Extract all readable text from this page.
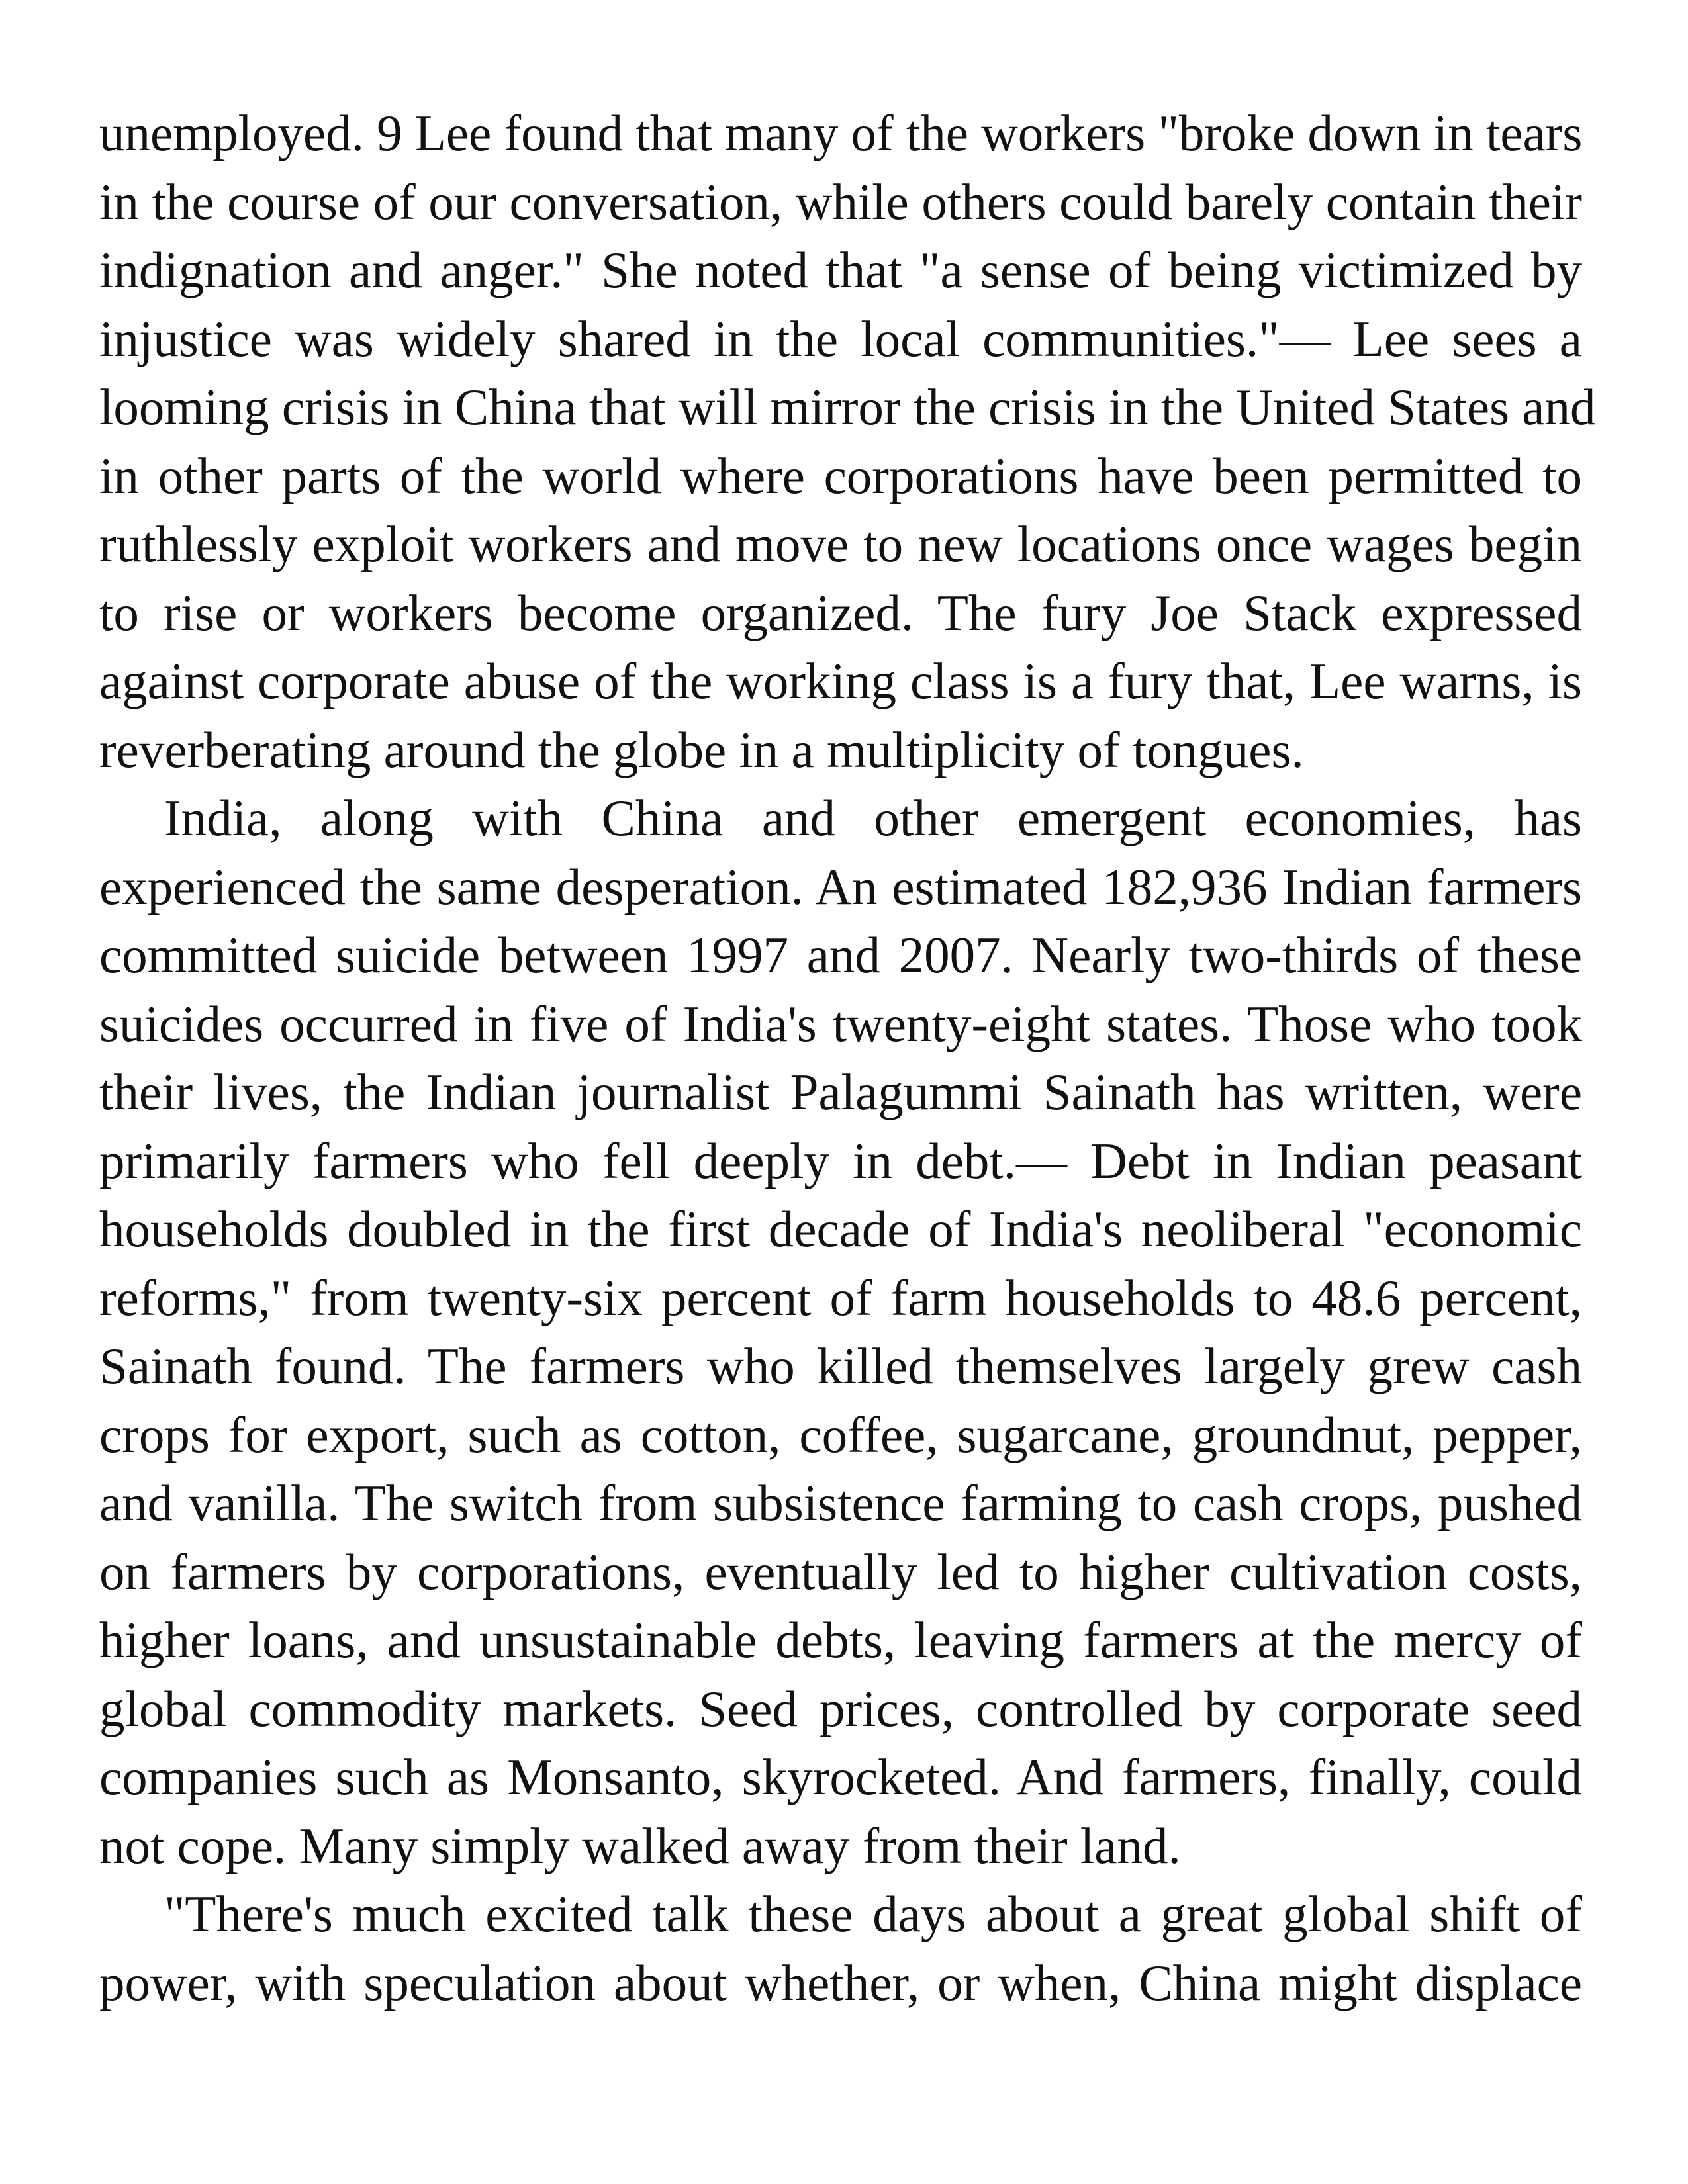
unemployed. 9 Lee found that many of the workers "broke down in tears
in the course of our conversation, while others could barely contain their
indignation and anger." She noted that "a sense of being victimized by
injustice was widely shared in the local communities."— Lee sees a
looming crisis in China that will mirror the crisis in the United States and
in other parts of the world where corporations have been permitted to
ruthlessly exploit workers and move to new locations once wages begin
to rise or workers become organized. The fury Joe Stack expressed
against corporate abuse of the working class is a fury that, Lee warns, is
reverberating around the globe in a multiplicity of tongues.
India, along with China and other emergent economies, has
experienced the same desperation. An estimated 182,936 Indian farmers
committed suicide between 1997 and 2007. Nearly two-thirds of these
suicides occurred in five of India's twenty-eight states. Those who took
their lives, the Indian journalist Palagummi Sainath has written, were
primarily farmers who fell deeply in debt.— Debt in Indian peasant
households doubled in the first decade of India's neoliberal "economic
reforms," from twenty-six percent of farm households to 48.6 percent,
Sainath found. The farmers who killed themselves largely grew cash
crops for export, such as cotton, coffee, sugarcane, groundnut, pepper,
and vanilla. The switch from subsistence farming to cash crops, pushed
on farmers by corporations, eventually led to higher cultivation costs,
higher loans, and unsustainable debts, leaving farmers at the mercy of
global commodity markets. Seed prices, controlled by corporate seed
companies such as Monsanto, skyrocketed. And farmers, finally, could
not cope. Many simply walked away from their land.
"There's much excited talk these days about a great global shift of
power, with speculation about whether, or when, China might displace
